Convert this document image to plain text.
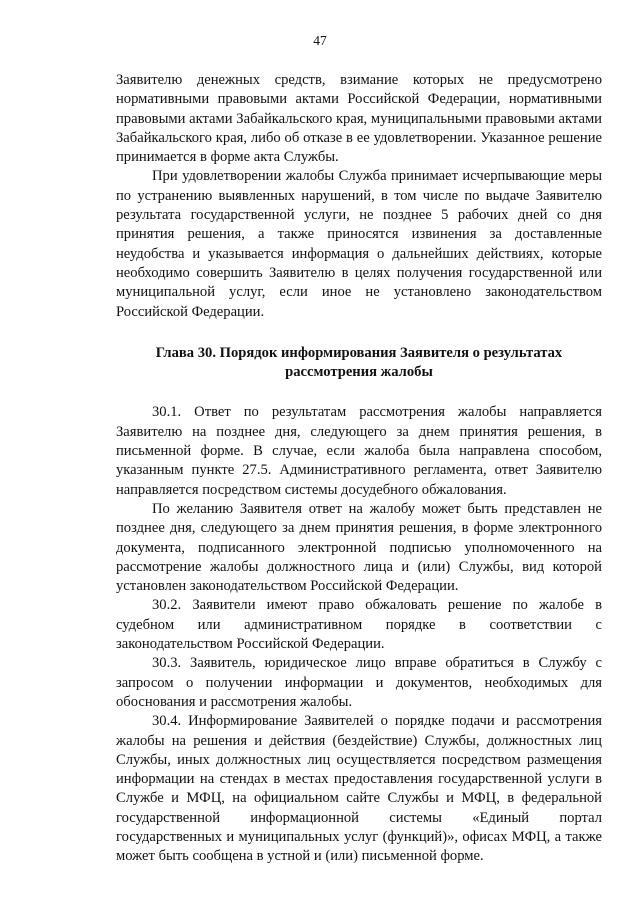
47

Заявителю денежных средств, взимание которых не предусмотрено нормативными правовыми актами Российской Федерации, нормативными правовыми актами Забайкальского края, муниципальными правовыми актами Забайкальского края, либо об отказе в ее удовлетворении. Указанное решение принимается в форме акта Службы.

При удовлетворении жалобы Служба принимает исчерпывающие меры по устранению выявленных нарушений, в том числе по выдаче Заявителю результата государственной услуги, не позднее 5 рабочих дней со дня принятия решения, а также приносятся извинения за доставленные неудобства и указывается информация о дальнейших действиях, которые необходимо совершить Заявителю в целях получения государственной или муниципальной услуг, если иное не установлено законодательством Российской Федерации.

Глава 30. Порядок информирования Заявителя о результатах
рассмотрения жалобы

30.1. Ответ по результатам рассмотрения жалобы направляется Заявителю на позднее дня, следующего за днем принятия решения, в письменной форме. В случае, если жалоба была направлена способом, указанным пункте 27.5. Административного регламента, ответ Заявителю направляется посредством системы досудебного обжалования.

По желанию Заявителя ответ на жалобу может быть представлен не позднее дня, следующего за днем принятия решения, в форме электронного документа, подписанного электронной подписью уполномоченного на рассмотрение жалобы должностного лица и (или) Службы, вид которой установлен законодательством Российской Федерации.

30.2. Заявители имеют право обжаловать решение по жалобе в судебном или административном порядке в соответствии с законодательством Российской Федерации.

30.3. Заявитель, юридическое лицо вправе обратиться в Службу с запросом о получении информации и документов, необходимых для обоснования и рассмотрения жалобы.

30.4. Информирование Заявителей о порядке подачи и рассмотрения жалобы на решения и действия (бездействие) Службы, должностных лиц Службы, иных должностных лиц осуществляется посредством размещения информации на стендах в местах предоставления государственной услуги в Службе и МФЦ, на официальном сайте Службы и МФЦ, в федеральной государственной информационной системы «Единый портал государственных и муниципальных услуг (функций)», офисах МФЦ, а также может быть сообщена в устной и (или) письменной форме.
